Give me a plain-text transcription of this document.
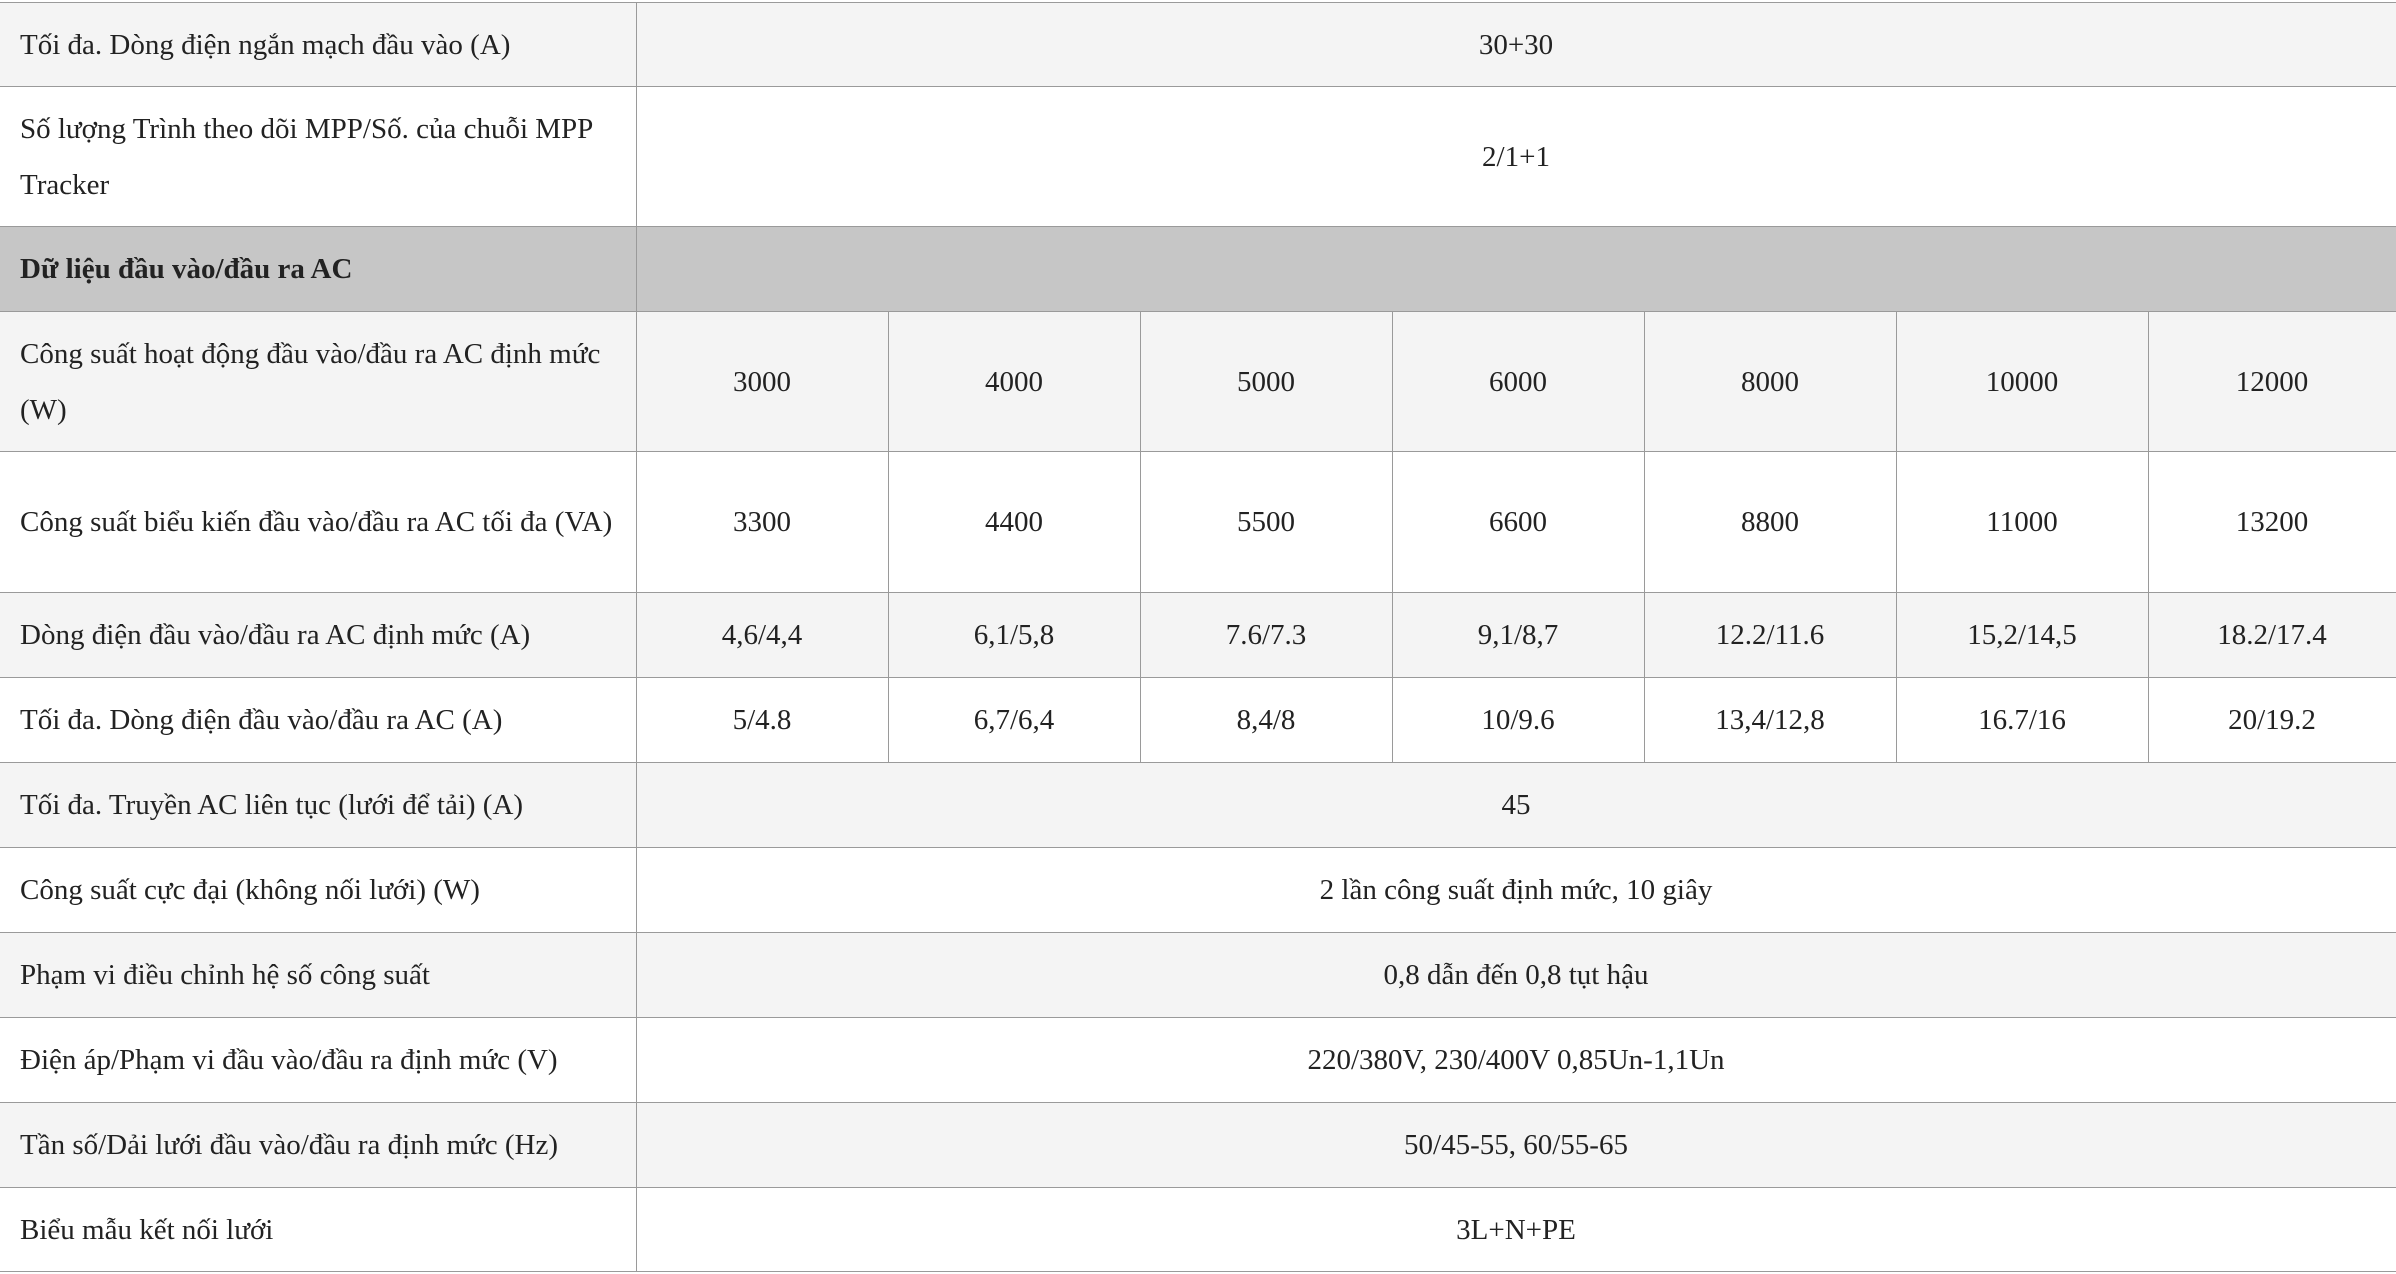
Tối đa. Dòng điện ngắn mạch đầu vào (A)	30+30						
Số lượng Trình theo dõi MPP/Số. của chuỗi MPP Tracker	2/1+1						
Dữ liệu đầu vào/đầu ra AC							
Công suất hoạt động đầu vào/đầu ra AC định mức (W)	3000	4000	5000	6000	8000	10000	12000
Công suất biểu kiến đầu vào/đầu ra AC tối đa (VA)	3300	4400	5500	6600	8800	11000	13200
Dòng điện đầu vào/đầu ra AC định mức (A)	4,6/4,4	6,1/5,8	7.6/7.3	9,1/8,7	12.2/11.6	15,2/14,5	18.2/17.4
Tối đa. Dòng điện đầu vào/đầu ra AC (A)	5/4.8	6,7/6,4	8,4/8	10/9.6	13,4/12,8	16.7/16	20/19.2
Tối đa. Truyền AC liên tục (lưới để tải) (A)	45						
Công suất cực đại (không nối lưới) (W)	2 lần công suất định mức, 10 giây						
Phạm vi điều chỉnh hệ số công suất	0,8 dẫn đến 0,8 tụt hậu						
Điện áp/Phạm vi đầu vào/đầu ra định mức (V)	220/380V, 230/400V 0,85Un-1,1Un						
Tần số/Dải lưới đầu vào/đầu ra định mức (Hz)	50/45-55, 60/55-65						
Biểu mẫu kết nối lưới	3L+N+PE						
